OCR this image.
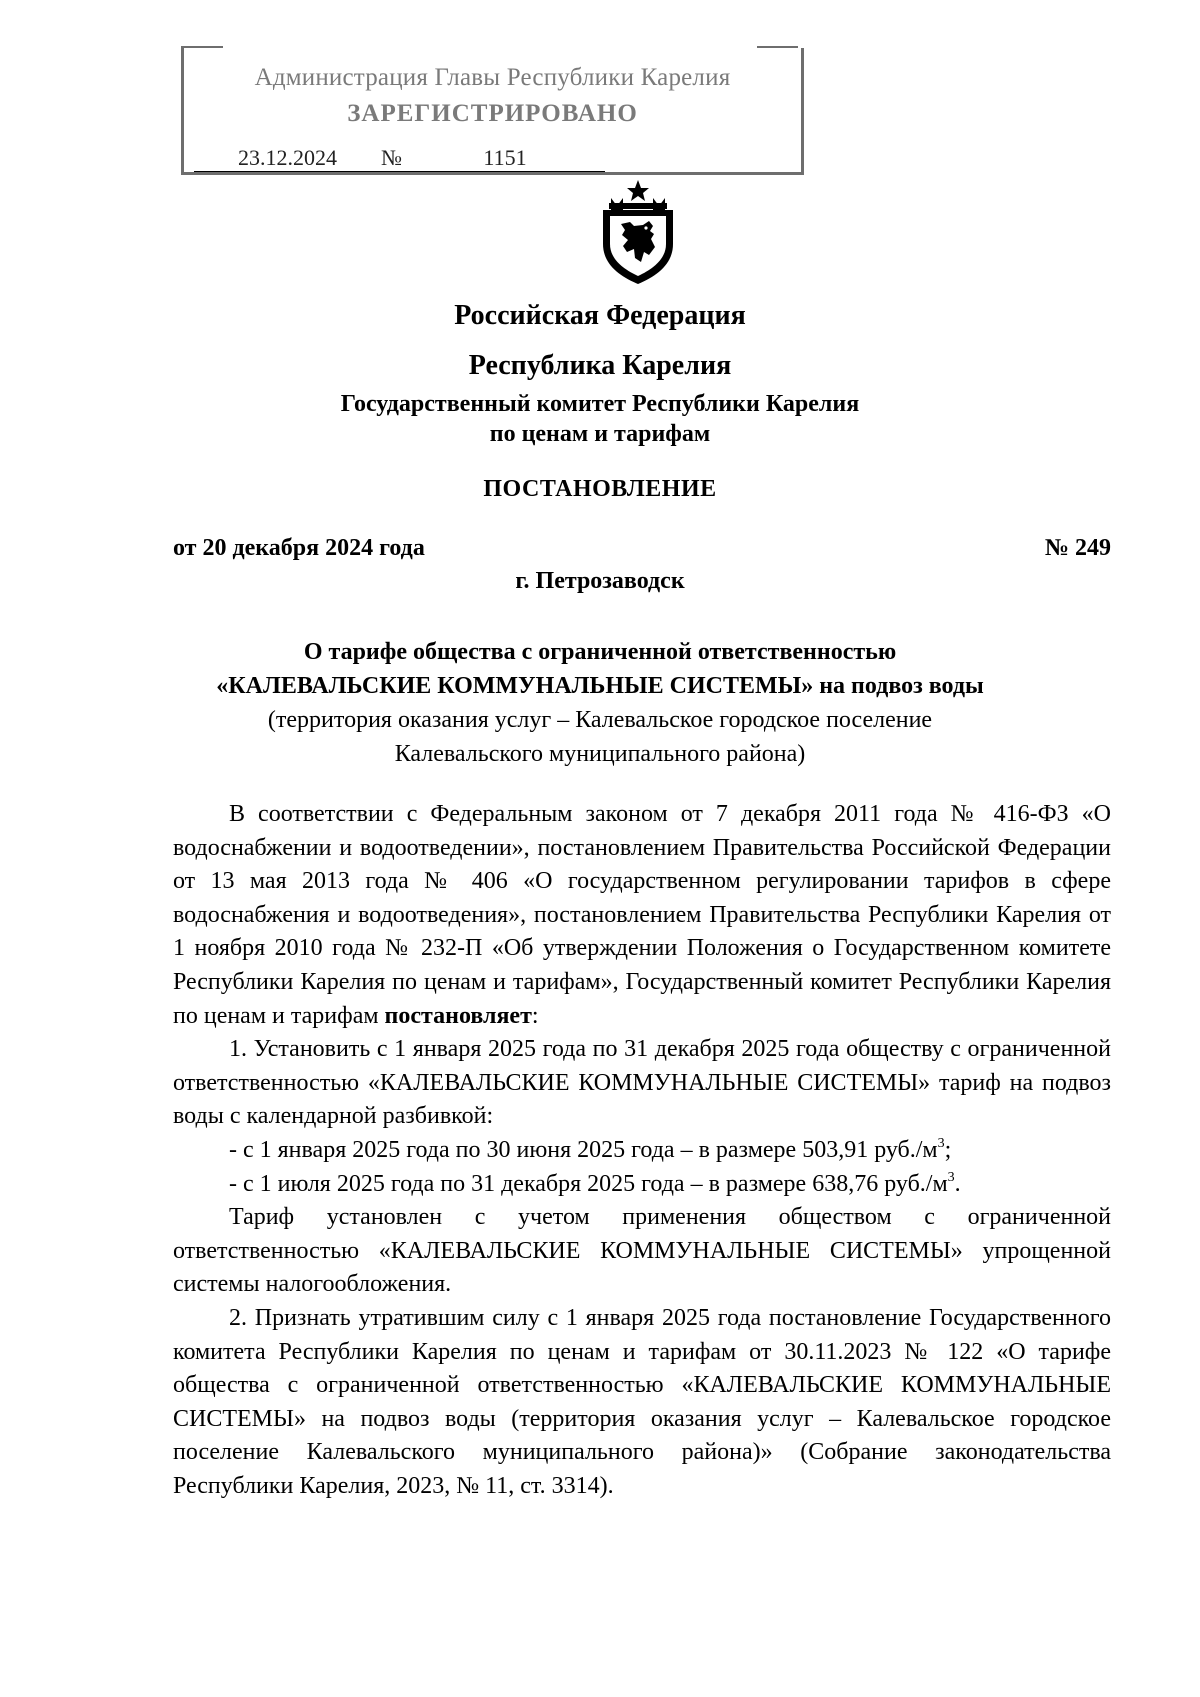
Администрация Главы Республики Карелия
ЗАРЕГИСТРИРОВАНО
23.12.2024 №	1151
Российская Федерация
Республика Карелия
Государственный комитет Республики Карелия
по ценам и тарифам
ПОСТАНОВЛЕНИЕ
от 20 декабря 2024 года	№ 249
г. Петрозаводск
О тарифе общества с ограниченной ответственностью
«КАЛЕВАЛЬСКИЕ КОММУНАЛЬНЫЕ СИСТЕМЫ» на подвоз воды
(территория оказания услуг – Калевальское городское поселение
Калевальского муниципального района)

В соответствии с Федеральным законом от 7 декабря 2011 года № 416-ФЗ «О водоснабжении и водоотведении», постановлением Правительства Российской Федерации от 13 мая 2013 года № 406 «О государственном регулировании тарифов в сфере водоснабжения и водоотведения», постановлением Правительства Республики Карелия от 1 ноября 2010 года № 232-П «Об утверждении Положения о Государственном комитете Республики Карелия по ценам и тарифам», Государственный комитет Республики Карелия по ценам и тарифам постановляет:

1. Установить с 1 января 2025 года по 31 декабря 2025 года обществу с ограниченной ответственностью «КАЛЕВАЛЬСКИЕ КОММУНАЛЬНЫЕ СИСТЕМЫ» тариф на подвоз воды с календарной разбивкой:

- с 1 января 2025 года по 30 июня 2025 года – в размере 503,91 $руб./м^3$;

- с 1 июля 2025 года по 31 декабря 2025 года – в размере 638,76 $руб./м^3$.

Тариф установлен с учетом применения обществом с ограниченной ответственностью «КАЛЕВАЛЬСКИЕ КОММУНАЛЬНЫЕ СИСТЕМЫ» упрощенной системы налогообложения.

2. Признать утратившим силу с 1 января 2025 года постановление Государственного комитета Республики Карелия по ценам и тарифам от 30.11.2023 № 122 «О тарифе общества с ограниченной ответственностью «КАЛЕВАЛЬСКИЕ КОММУНАЛЬНЫЕ СИСТЕМЫ» на подвоз воды (территория оказания услуг – Калевальское городское поселение Калевальского муниципального района)» (Собрание законодательства Республики Карелия, 2023, № 11, ст. 3314).
